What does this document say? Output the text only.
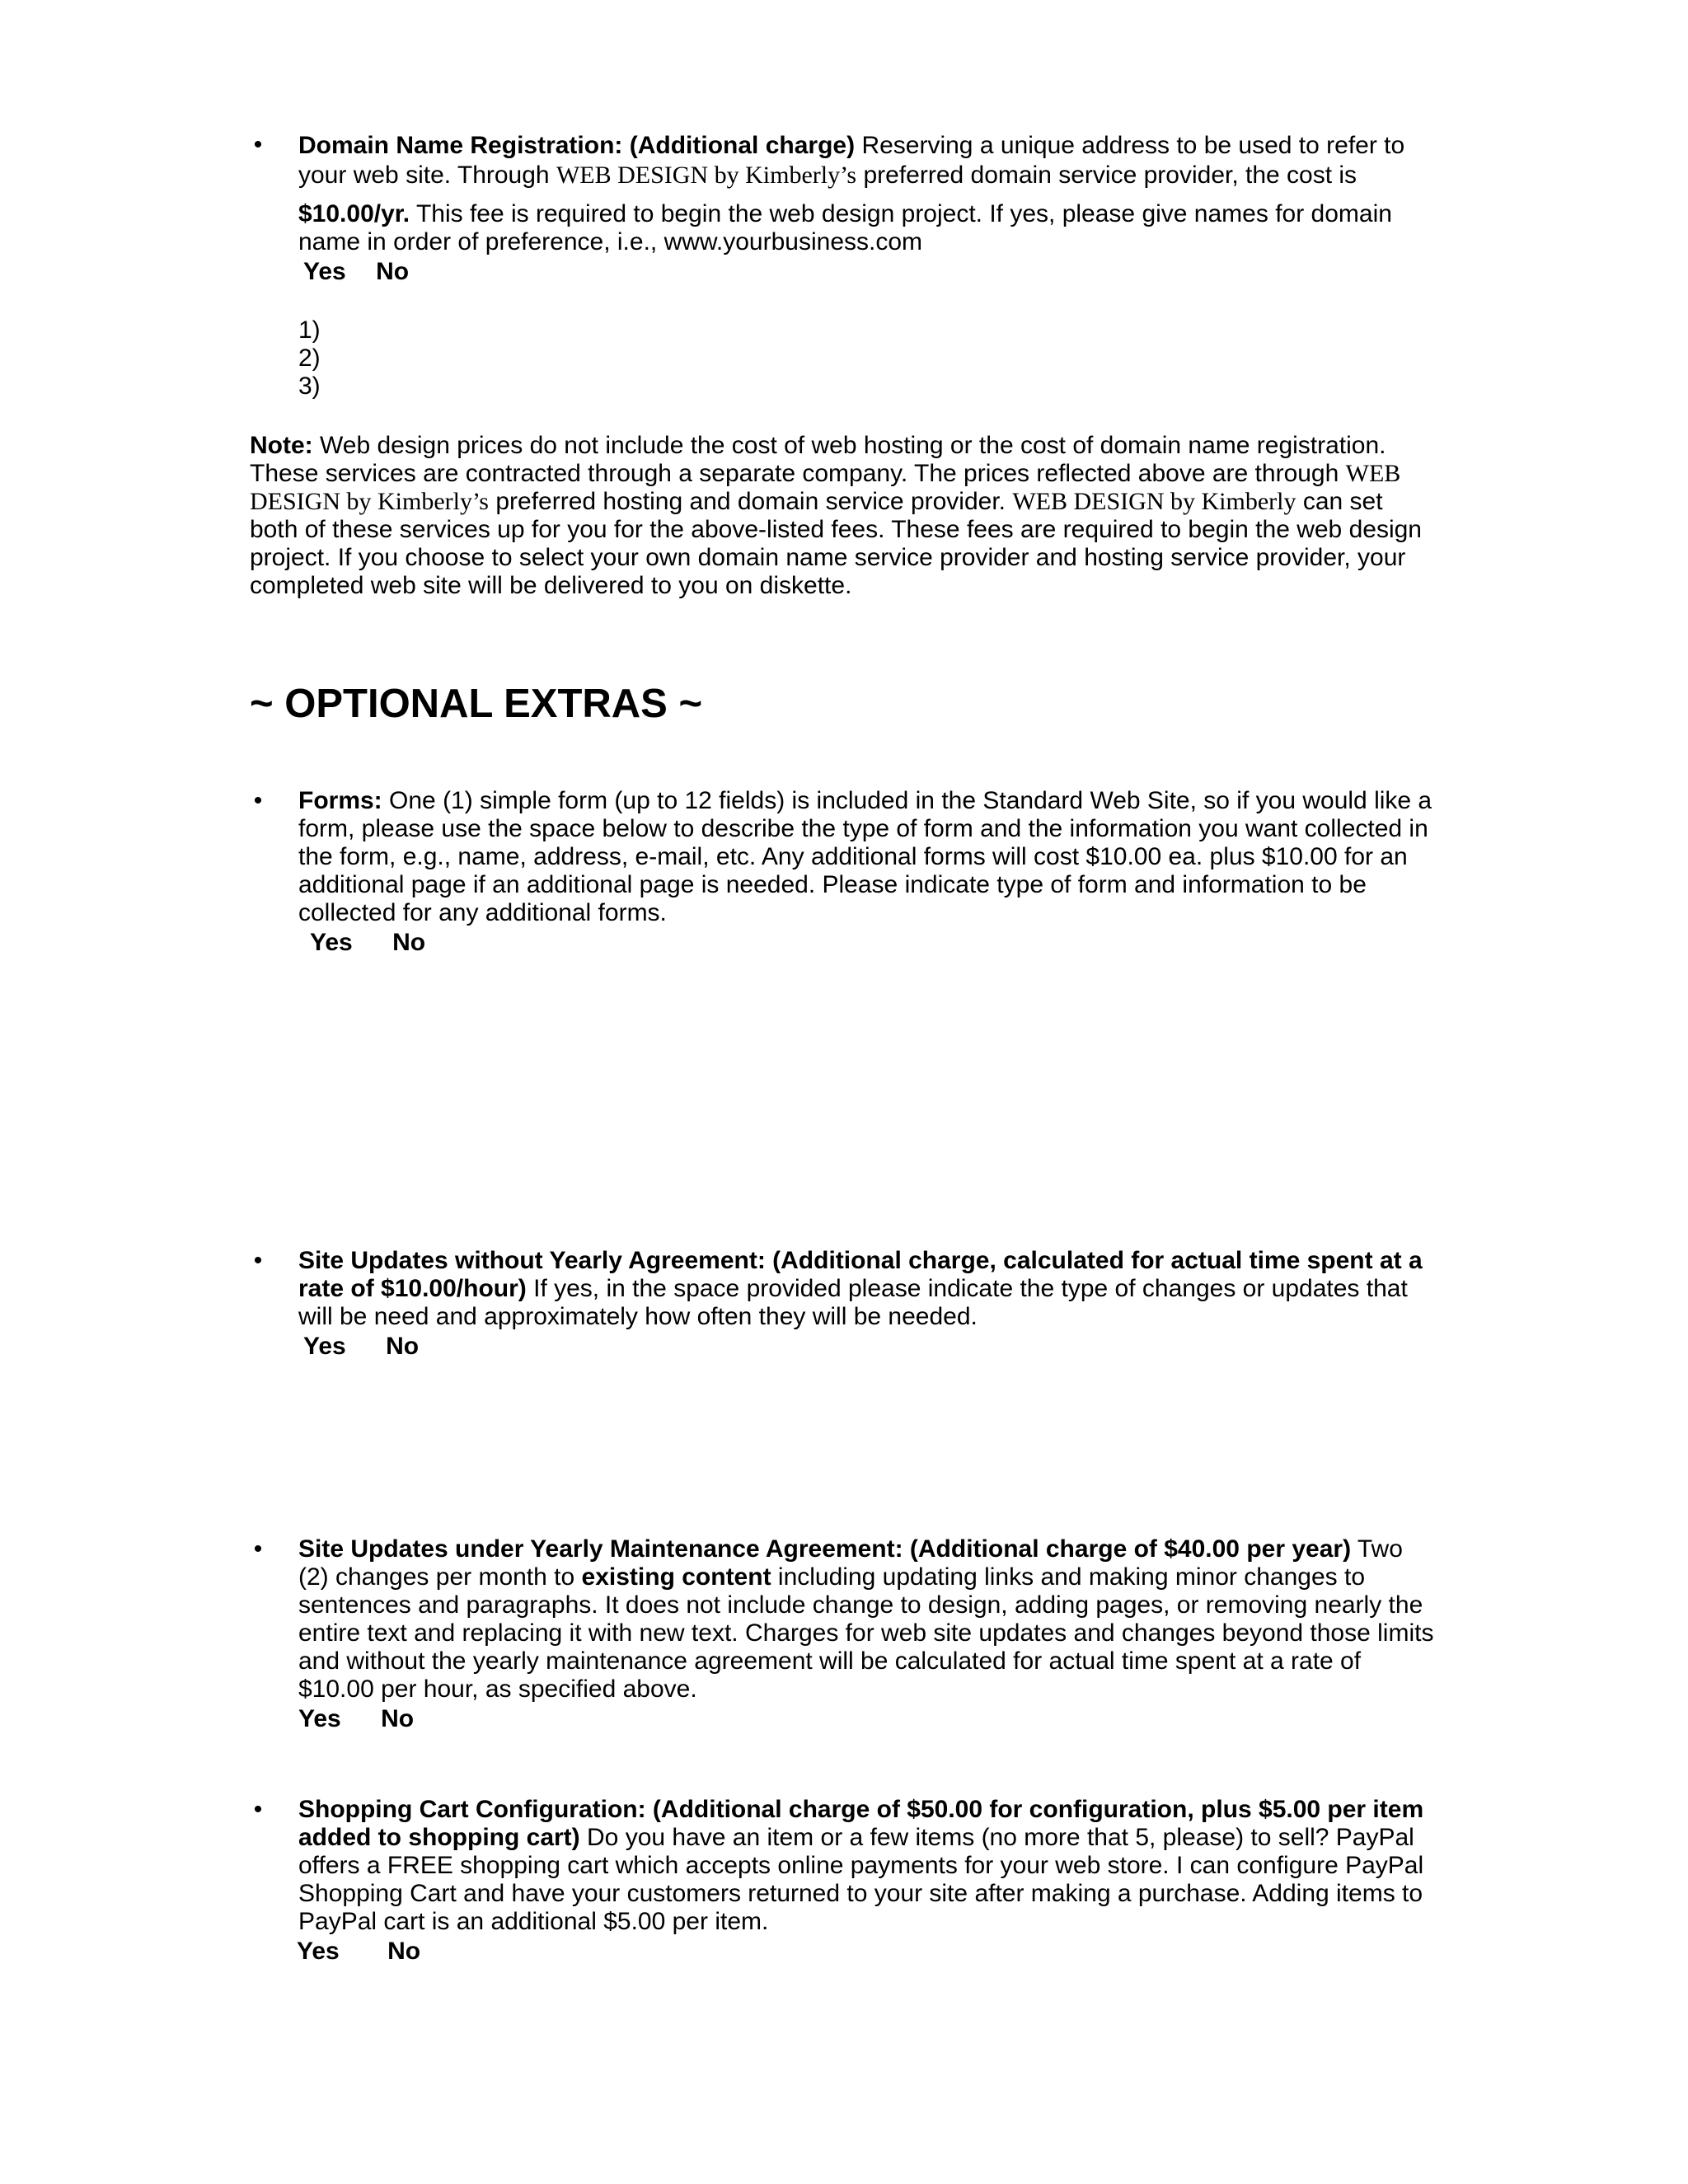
• Domain Name Registration: (Additional charge) Reserving a unique address to be used to refer to your web site. Through WEB DESIGN by Kimberly’s preferred domain service provider, the cost is

$10.00/yr. This fee is required to begin the web design project. If yes, please give names for domain name in order of preference, i.e., www.yourbusiness.com

Yes No
1)
2)
3)
Note: Web design prices do not include the cost of web hosting or the cost of domain name registration. These services are contracted through a separate company. The prices reflected above are through WEB DESIGN by Kimberly’s preferred hosting and domain service provider. WEB DESIGN by Kimberly can set both of these services up for you for the above-listed fees. These fees are required to begin the web design project. If you choose to select your own domain name service provider and hosting service provider, your completed web site will be delivered to you on diskette.
~ OPTIONAL EXTRAS ~
• Forms: One (1) simple form (up to 12 fields) is included in the Standard Web Site, so if you would like a form, please use the space below to describe the type of form and the information you want collected in the form, e.g., name, address, e-mail, etc. Any additional forms will cost $10.00 ea. plus $10.00 for an additional page if an additional page is needed. Please indicate type of form and information to be collected for any additional forms.
Yes No
• Site Updates without Yearly Agreement: (Additional charge, calculated for actual time spent at a rate of $10.00/hour) If yes, in the space provided please indicate the type of changes or updates that will be need and approximately how often they will be needed.
Yes No
• Site Updates under Yearly Maintenance Agreement: (Additional charge of $40.00 per year) Two (2) changes per month to existing content including updating links and making minor changes to sentences and paragraphs. It does not include change to design, adding pages, or removing nearly the entire text and replacing it with new text. Charges for web site updates and changes beyond those limits and without the yearly maintenance agreement will be calculated for actual time spent at a rate of $10.00 per hour, as specified above.
Yes No
• Shopping Cart Configuration: (Additional charge of $50.00 for configuration, plus $5.00 per item added to shopping cart) Do you have an item or a few items (no more that 5, please) to sell? PayPal offers a FREE shopping cart which accepts online payments for your web store. I can configure PayPal Shopping Cart and have your customers returned to your site after making a purchase. Adding items to PayPal cart is an additional $5.00 per item.
Yes No
